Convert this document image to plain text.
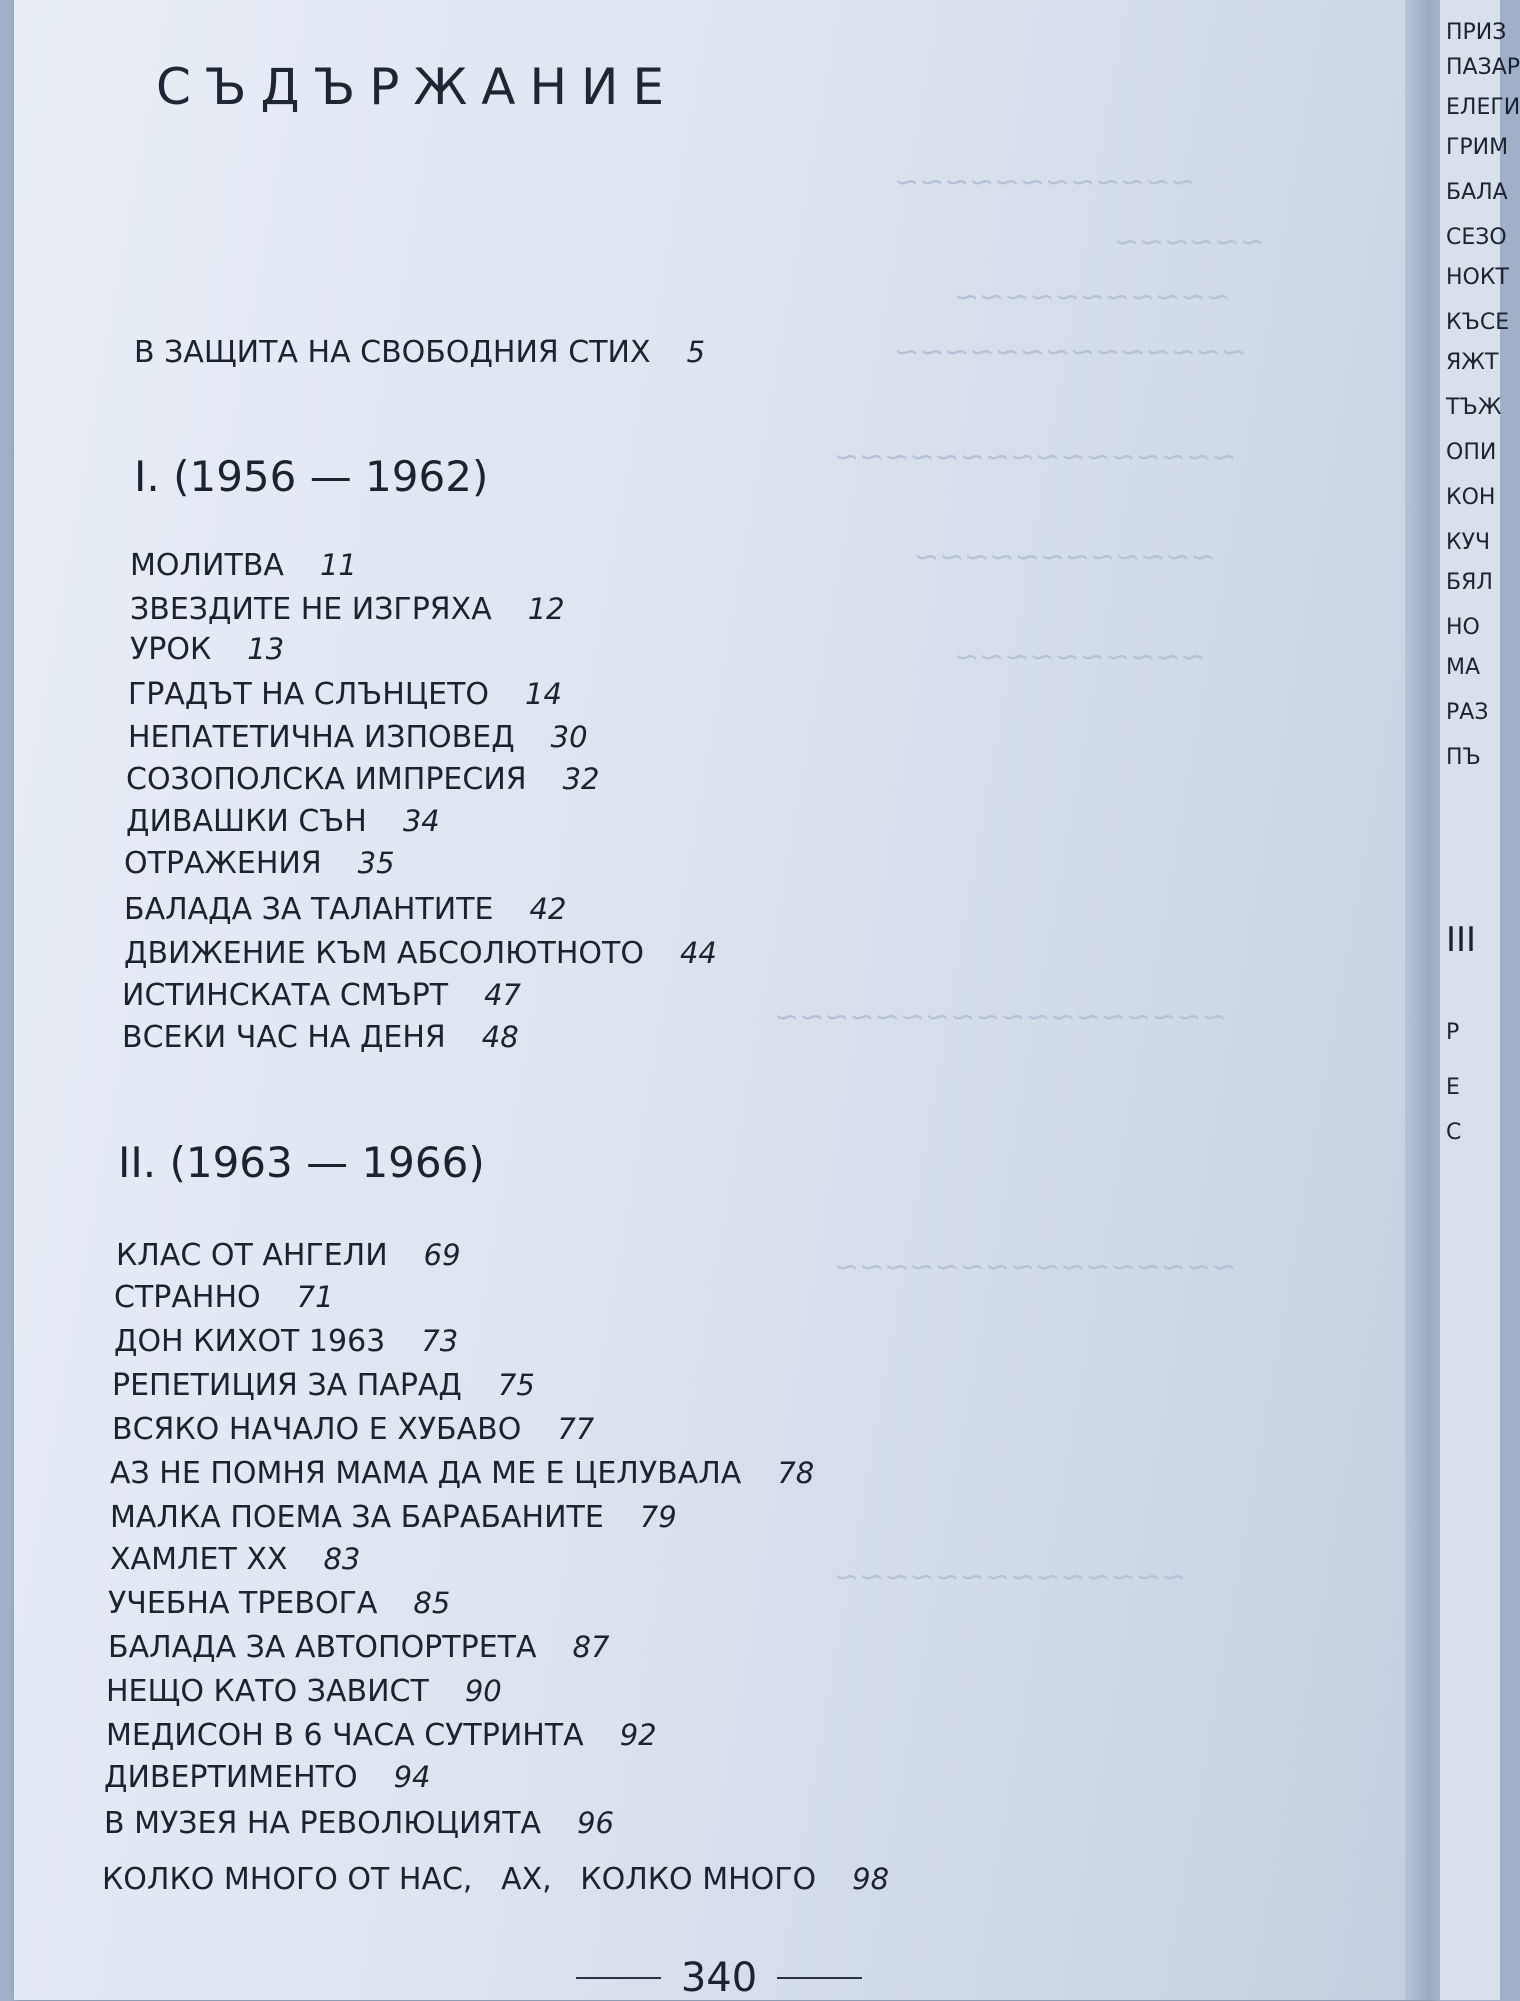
~~~~~~~~~~~~
~~~~~~
~~~~~~~~~~~
~~~~~~~~~~~~~~
~~~~~~~~~~~~~~~~
~~~~~~~~~~~~
~~~~~~~~~~
~~~~~~~~~~~~~~~~~~
~~~~~~~~~~~~~~~~
~~~~~~~~~~~~~~
СЪДЪРЖАНИЕ
В ЗАЩИТА НА СВОБОДНИЯ СТИХ 5
I. (1956 — 1962)
МОЛИТВА 11
ЗВЕЗДИТЕ НЕ ИЗГРЯХА 12
УРОК 13
ГРАДЪТ НА СЛЪНЦЕТО 14
НЕПАТЕТИЧНА ИЗПОВЕД 30
СОЗОПОЛСКА ИМПРЕСИЯ 32
ДИВАШКИ СЪН 34
ОТРАЖЕНИЯ 35
БАЛАДА ЗА ТАЛАНТИТЕ 42
ДВИЖЕНИЕ КЪМ АБСОЛЮТНОТО 44
ИСТИНСКАТА СМЪРТ 47
ВСЕКИ ЧАС НА ДЕНЯ 48
II. (1963 — 1966)
КЛАС ОТ АНГЕЛИ 69
СТРАННО 71
ДОН КИХОТ 1963 73
РЕПЕТИЦИЯ ЗА ПАРАД 75
ВСЯКО НАЧАЛО Е ХУБАВО 77
АЗ НЕ ПОМНЯ МАМА ДА МЕ Е ЦЕЛУВАЛА 78
МАЛКА ПОЕМА ЗА БАРАБАНИТЕ 79
ХАМЛЕТ XX 83
УЧЕБНА ТРЕВОГА 85
БАЛАДА ЗА АВТОПОРТРЕТА 87
НЕЩО КАТО ЗАВИСТ 90
МЕДИСОН В 6 ЧАСА СУТРИНТА 92
ДИВЕРТИМЕНТО 94
В МУЗЕЯ НА РЕВОЛЮЦИЯТА 96
КОЛКО МНОГО ОТ НАС,   АХ,   КОЛКО МНОГО 98
340
ПРИЗ
ПАЗАР
ЕЛЕГИ
ГРИМ
БАЛА
СЕЗО
НОКТ
КЪСЕ
ЯЖТ
ТЪЖ
ОПИ
КОН
КУЧ
БЯЛ
НО
МА
РАЗ
ПЪ
III
Р
Е
С
